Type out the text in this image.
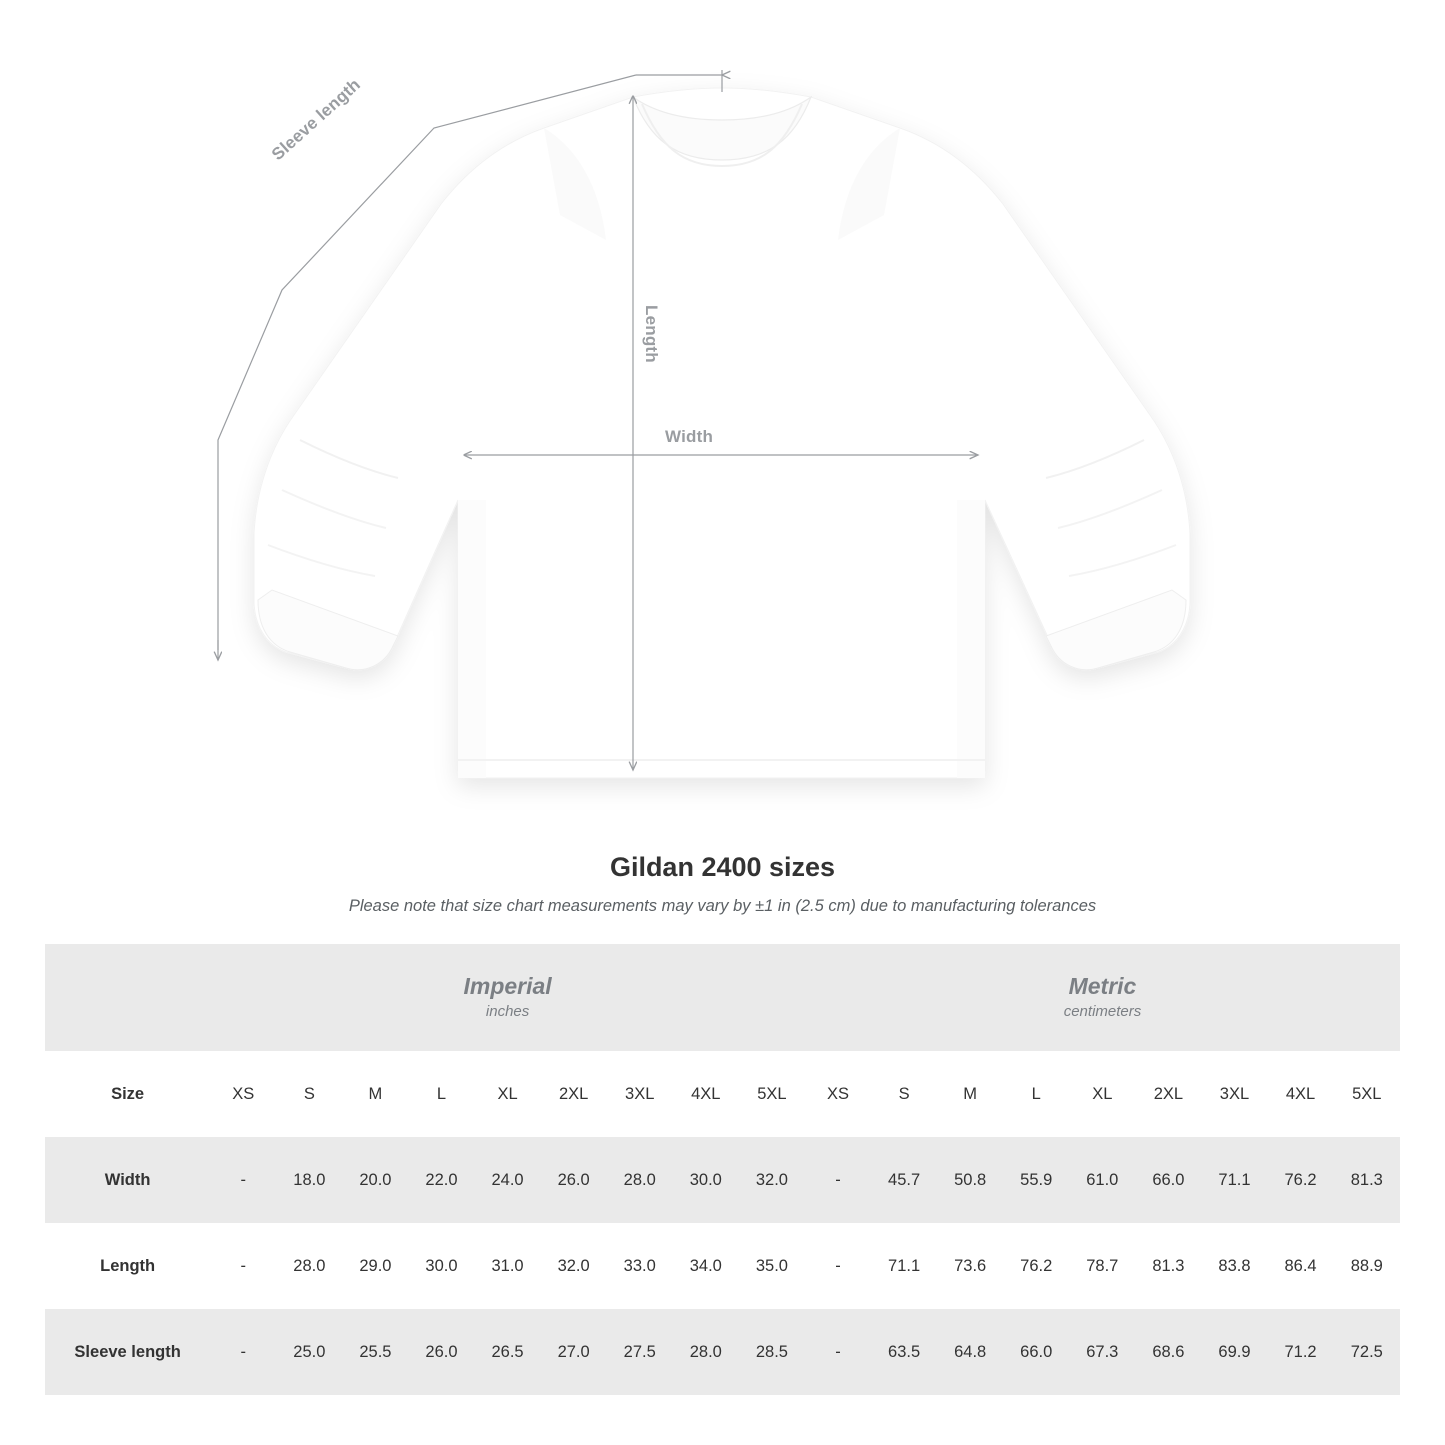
Sleeve length
Length
Width
Gildan 2400 sizes

Please note that size chart measurements may vary by ±1 in (2.5 cm) due to manufacturing tolerances

Imperial
inches

Metric
centimeters

Size	XS	S	M	L	XL	2XL	3XL	4XL	5XL	XS	S	M	L	XL	2XL	3XL	4XL	5XL
Width	-	18.0	20.0	22.0	24.0	26.0	28.0	30.0	32.0	-	45.7	50.8	55.9	61.0	66.0	71.1	76.2	81.3
Length	-	28.0	29.0	30.0	31.0	32.0	33.0	34.0	35.0	-	71.1	73.6	76.2	78.7	81.3	83.8	86.4	88.9
Sleeve length	-	25.0	25.5	26.0	26.5	27.0	27.5	28.0	28.5	-	63.5	64.8	66.0	67.3	68.6	69.9	71.2	72.5
